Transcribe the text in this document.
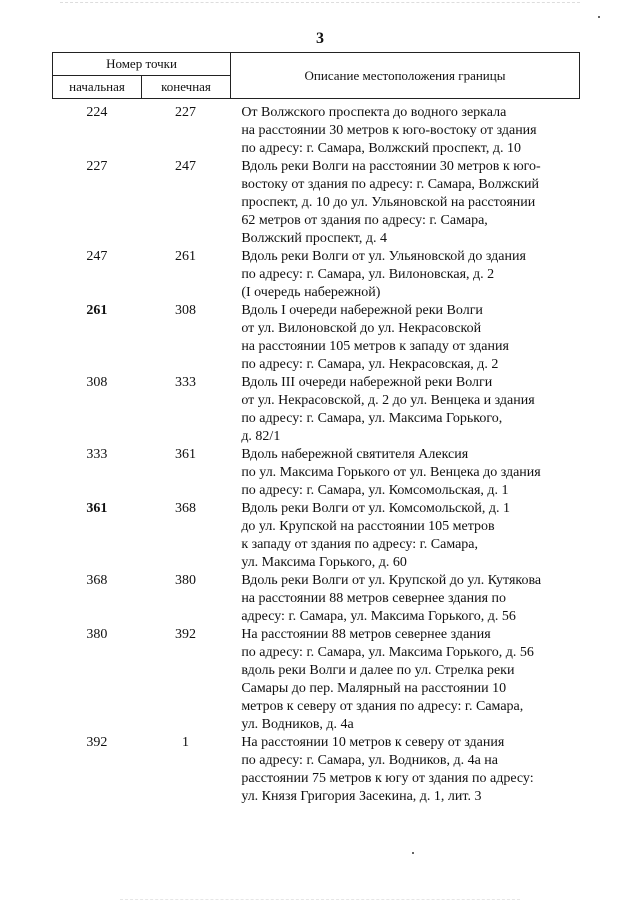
3
Номер точки		Описание местоположения границы
начальная	конечная	
224	227	От Волжского проспекта до водного зеркала
на расстоянии 30 метров к юго-востоку от здания
по адресу: г. Самара, Волжский проспект, д. 10
227	247	Вдоль реки Волги на расстоянии 30 метров к юго-
востоку от здания по адресу: г. Самара, Волжский
проспект, д. 10 до ул. Ульяновской на расстоянии
62 метров от здания по адресу: г. Самара,
Волжский проспект, д. 4
247	261	Вдоль реки Волги от ул. Ульяновской до здания
по адресу: г. Самара, ул. Вилоновская, д. 2
(I очередь набережной)
261	308	Вдоль I очереди набережной реки Волги
от ул. Вилоновской до ул. Некрасовской
на расстоянии 105 метров к западу от здания
по адресу: г. Самара, ул. Некрасовская, д. 2
308	333	Вдоль III очереди набережной реки Волги
от ул. Некрасовской, д. 2 до ул. Венцека и здания
по адресу: г. Самара, ул. Максима Горького,
д. 82/1
333	361	Вдоль набережной святителя Алексия
по ул. Максима Горького от ул. Венцека до здания
по адресу: г. Самара, ул. Комсомольская, д. 1
361	368	Вдоль реки Волги от ул. Комсомольской, д. 1
до ул. Крупской на расстоянии 105 метров
к западу от здания по адресу: г. Самара,
ул. Максима Горького, д. 60
368	380	Вдоль реки Волги от ул. Крупской до ул. Кутякова
на расстоянии 88 метров севернее здания по
адресу: г. Самара, ул. Максима Горького, д. 56
380	392	На расстоянии 88 метров севернее здания
по адресу: г. Самара, ул. Максима Горького, д. 56
вдоль реки Волги и далее по ул. Стрелка реки
Самары до пер. Малярный на расстоянии 10
метров к северу от здания по адресу: г. Самара,
ул. Водников, д. 4а
392	1	На расстоянии 10 метров к северу от здания
по адресу: г. Самара, ул. Водников, д. 4а на
расстоянии 75 метров к югу от здания по адресу:
ул. Князя Григория Засекина, д. 1, лит. 3
